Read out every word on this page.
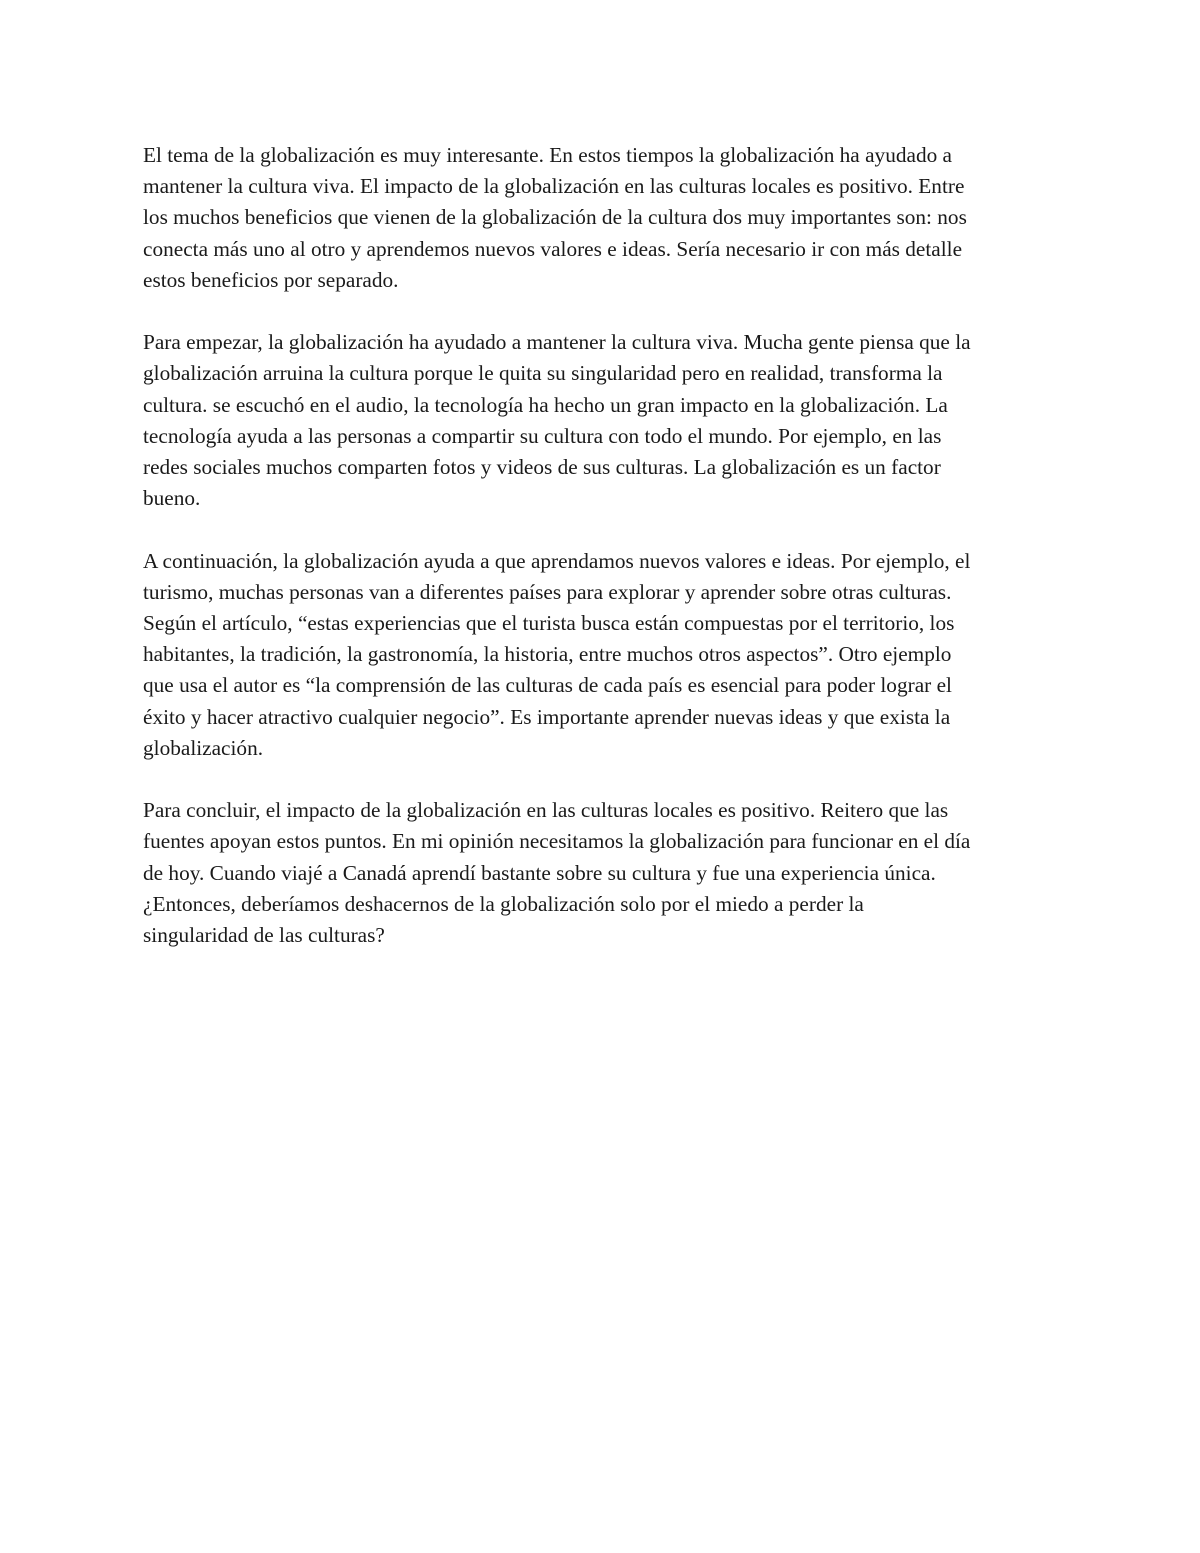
El tema de la globalización es muy interesante. En estos tiempos la globalización ha ayudado a
mantener la cultura viva. El impacto de la globalización en las culturas locales es positivo. Entre
los muchos beneficios que vienen de la globalización de la cultura dos muy importantes son: nos
conecta más uno al otro y aprendemos nuevos valores e ideas. Sería necesario ir con más detalle
estos beneficios por separado.

Para empezar, la globalización ha ayudado a mantener la cultura viva. Mucha gente piensa que la
globalización arruina la cultura porque le quita su singularidad pero en realidad, transforma la
cultura. se escuchó en el audio, la tecnología ha hecho un gran impacto en la globalización. La
tecnología ayuda a las personas a compartir su cultura con todo el mundo. Por ejemplo, en las
redes sociales muchos comparten fotos y videos de sus culturas. La globalización es un factor
bueno.

A continuación, la globalización ayuda a que aprendamos nuevos valores e ideas. Por ejemplo, el
turismo, muchas personas van a diferentes países para explorar y aprender sobre otras culturas.
Según el artículo, “estas experiencias que el turista busca están compuestas por el territorio, los
habitantes, la tradición, la gastronomía, la historia, entre muchos otros aspectos”. Otro ejemplo
que usa el autor es “la comprensión de las culturas de cada país es esencial para poder lograr el
éxito y hacer atractivo cualquier negocio”. Es importante aprender nuevas ideas y que exista la
globalización.

Para concluir, el impacto de la globalización en las culturas locales es positivo. Reitero que las
fuentes apoyan estos puntos. En mi opinión necesitamos la globalización para funcionar en el día
de hoy. Cuando viajé a Canadá aprendí bastante sobre su cultura y fue una experiencia única.
¿Entonces, deberíamos deshacernos de la globalización solo por el miedo a perder la
singularidad de las culturas?
